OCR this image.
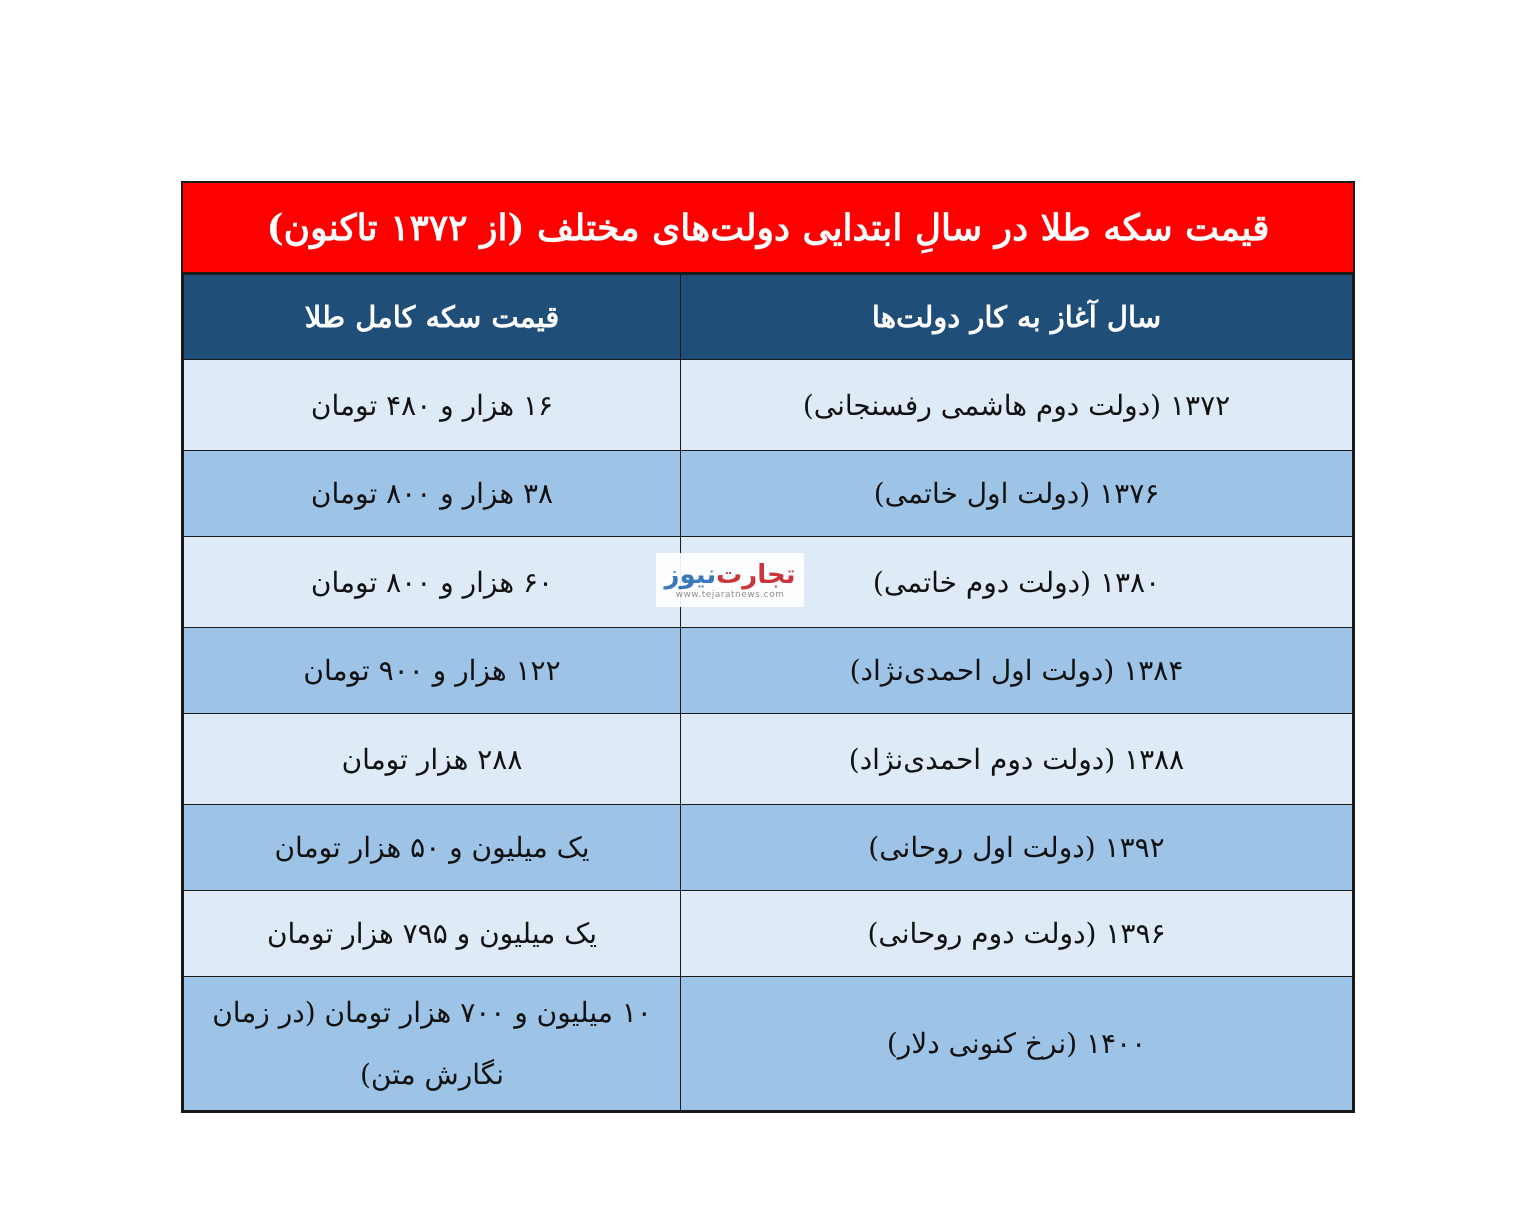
قیمت سکه طلا در سالِ ابتدایی دولت‌های مختلف (از ۱۳۷۲ تاکنون)
سال آغاز به کار دولت‌ها	قیمت سکه کامل طلا
۱۳۷۲ (دولت دوم هاشمی رفسنجانی)	۱۶ هزار و ۴۸۰ تومان
۱۳۷۶ (دولت اول خاتمی)	۳۸ هزار و ۸۰۰ تومان
۱۳۸۰ (دولت دوم خاتمی)	۶۰ هزار و ۸۰۰ تومان
۱۳۸۴ (دولت اول احمدی‌نژاد)	۱۲۲ هزار و ۹۰۰ تومان
۱۳۸۸ (دولت دوم احمدی‌نژاد)	۲۸۸ هزار تومان
۱۳۹۲ (دولت اول روحانی)	یک میلیون و ۵۰ هزار تومان
۱۳۹۶ (دولت دوم روحانی)	یک میلیون و ۷۹۵ هزار تومان
۱۴۰۰ (نرخ کنونی دلار)	۱۰ میلیون و ۷۰۰ هزار تومان (در زمان نگارش متن)
تجارت
نیوز
www.tejaratnews.com
